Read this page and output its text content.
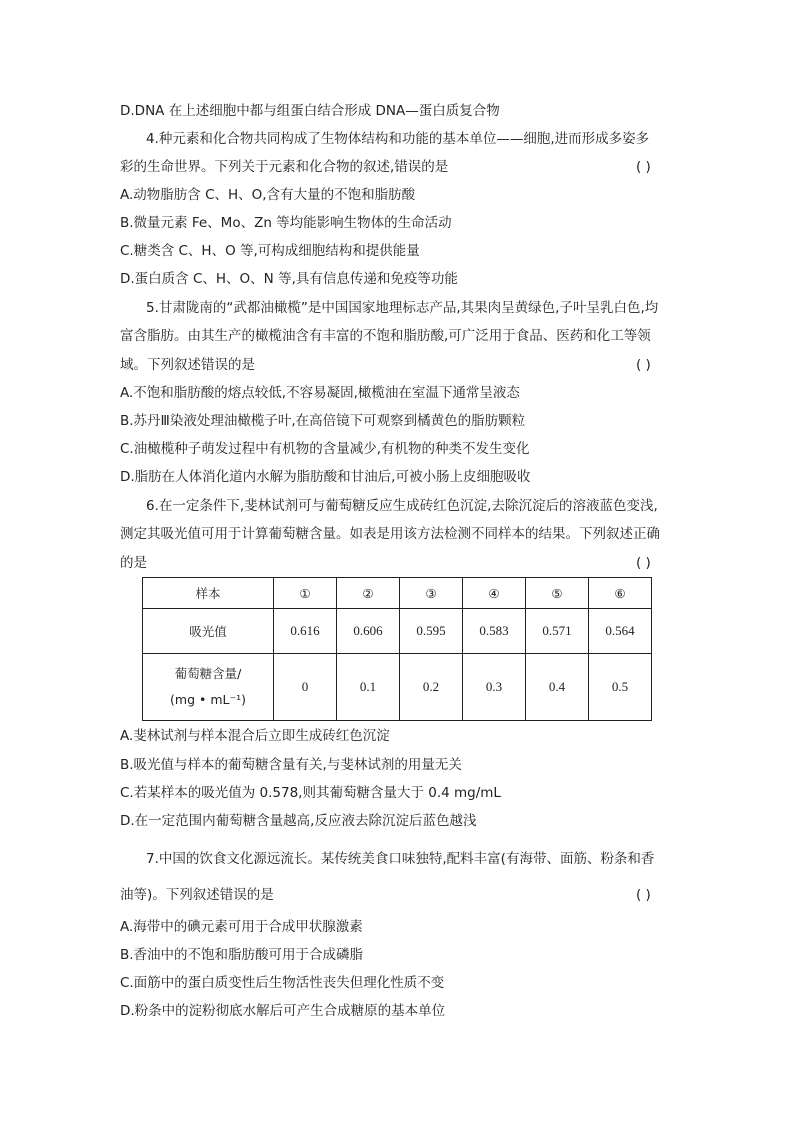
D.DNA 在上述细胞中都与组蛋白结合形成 DNA—蛋白质复合物
4.种元素和化合物共同构成了生物体结构和功能的基本单位——细胞,进而形成多姿多
彩的生命世界。下列关于元素和化合物的叙述,错误的是	( )
A.动物脂肪含 C、H、O,含有大量的不饱和脂肪酸
B.微量元素 Fe、Mo、Zn 等均能影响生物体的生命活动
C.糖类含 C、H、O 等,可构成细胞结构和提供能量
D.蛋白质含 C、H、O、N 等,具有信息传递和免疫等功能
5.甘肃陇南的“武都油橄榄”是中国国家地理标志产品,其果肉呈黄绿色,子叶呈乳白色,均
富含脂肪。由其生产的橄榄油含有丰富的不饱和脂肪酸,可广泛用于食品、医药和化工等领
域。下列叙述错误的是	( )
A.不饱和脂肪酸的熔点较低,不容易凝固,橄榄油在室温下通常呈液态
B.苏丹Ⅲ染液处理油橄榄子叶,在高倍镜下可观察到橘黄色的脂肪颗粒
C.油橄榄种子萌发过程中有机物的含量减少,有机物的种类不发生变化
D.脂肪在人体消化道内水解为脂肪酸和甘油后,可被小肠上皮细胞吸收
6.在一定条件下,斐林试剂可与葡萄糖反应生成砖红色沉淀,去除沉淀后的溶液蓝色变浅,
测定其吸光值可用于计算葡萄糖含量。如表是用该方法检测不同样本的结果。下列叙述正确
的是	( )
样本	①	②	③	④	⑤	⑥
吸光值	0.616	0.606	0.595	0.583	0.571	0.564

葡萄糖含量/
(mg • mL⁻¹)	0	0.1	0.2	0.3	0.4	0.5
A.斐林试剂与样本混合后立即生成砖红色沉淀
B.吸光值与样本的葡萄糖含量有关,与斐林试剂的用量无关
C.若某样本的吸光值为 0.578,则其葡萄糖含量大于 0.4 mg/mL
D.在一定范围内葡萄糖含量越高,反应液去除沉淀后蓝色越浅
7.中国的饮食文化源远流长。某传统美食口味独特,配料丰富(有海带、面筋、粉条和香
油等)。下列叙述错误的是	( )
A.海带中的碘元素可用于合成甲状腺激素
B.香油中的不饱和脂肪酸可用于合成磷脂
C.面筋中的蛋白质变性后生物活性丧失但理化性质不变
D.粉条中的淀粉彻底水解后可产生合成糖原的基本单位
